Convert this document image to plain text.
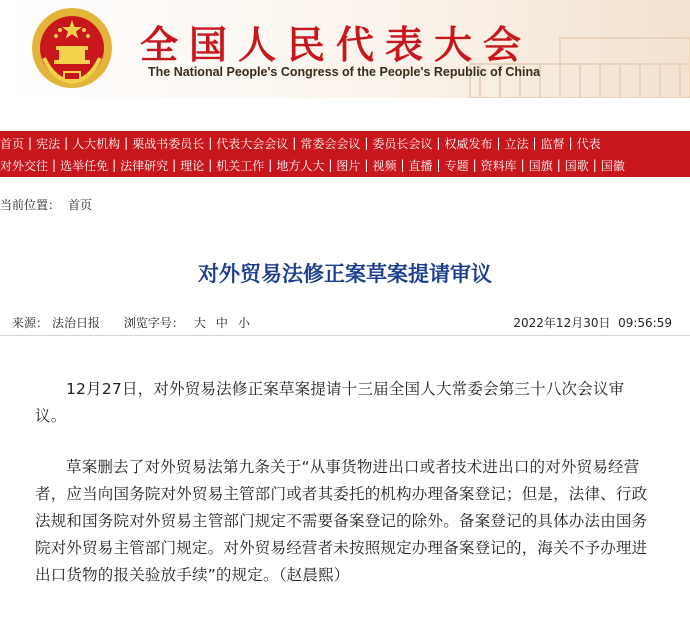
全国人民代表大会
The National People's Congress of the People's Republic of China
首页 | 宪法 | 人大机构 | 栗战书委员长 | 代表大会会议 | 常委会会议 | 委员长会议 | 权威发布 | 立法 | 监督 | 代表
对外交往 | 选举任免 | 法律研究 | 理论 | 机关工作 | 地方人大 | 图片 | 视频 | 直播 | 专题 | 资料库 | 国旗 | 国歌 | 国徽
当前位置： 首页
对外贸易法修正案草案提请审议
来源： 法治日报 浏览字号： 大 中 小	2022年12月30日  09:56:59

12月27日，对外贸易法修正案草案提请十三届全国人大常委会第三十八次会议审议。

草案删去了对外贸易法第九条关于“从事货物进出口或者技术进出口的对外贸易经营者，应当向国务院对外贸易主管部门或者其委托的机构办理备案登记；但是，法律、行政法规和国务院对外贸易主管部门规定不需要备案登记的除外。备案登记的具体办法由国务院对外贸易主管部门规定。对外贸易经营者未按照规定办理备案登记的，海关不予办理进出口货物的报关验放手续”的规定。（赵晨熙）
